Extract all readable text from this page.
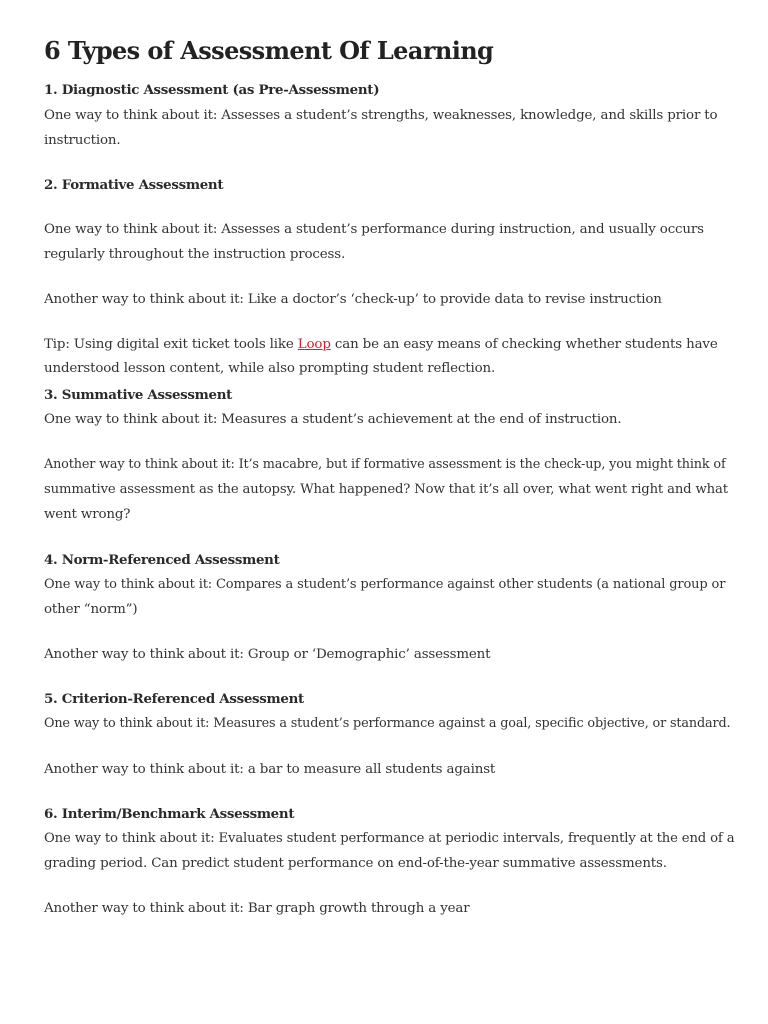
6 Types of Assessment Of Learning
1. Diagnostic Assessment (as Pre-Assessment)
One way to think about it: Assesses a student’s strengths, weaknesses, knowledge, and skills prior to
instruction.
2. Formative Assessment
One way to think about it: Assesses a student’s performance during instruction, and usually occurs
regularly throughout the instruction process.
Another way to think about it: Like a doctor’s ‘check-up’ to provide data to revise instruction
Tip: Using digital exit ticket tools like Loop can be an easy means of checking whether students have
understood lesson content, while also prompting student reflection.
3. Summative Assessment
One way to think about it: Measures a student’s achievement at the end of instruction.
Another way to think about it: It’s macabre, but if formative assessment is the check-up, you might think of
summative assessment as the autopsy. What happened? Now that it’s all over, what went right and what
went wrong?
4. Norm-Referenced Assessment
One way to think about it: Compares a student’s performance against other students (a national group or
other “norm”)
Another way to think about it: Group or ‘Demographic’ assessment
5. Criterion-Referenced Assessment
One way to think about it: Measures a student’s performance against a goal, specific objective, or standard.
Another way to think about it: a bar to measure all students against
6. Interim/Benchmark Assessment
One way to think about it: Evaluates student performance at periodic intervals, frequently at the end of a
grading period. Can predict student performance on end-of-the-year summative assessments.
Another way to think about it: Bar graph growth through a year
